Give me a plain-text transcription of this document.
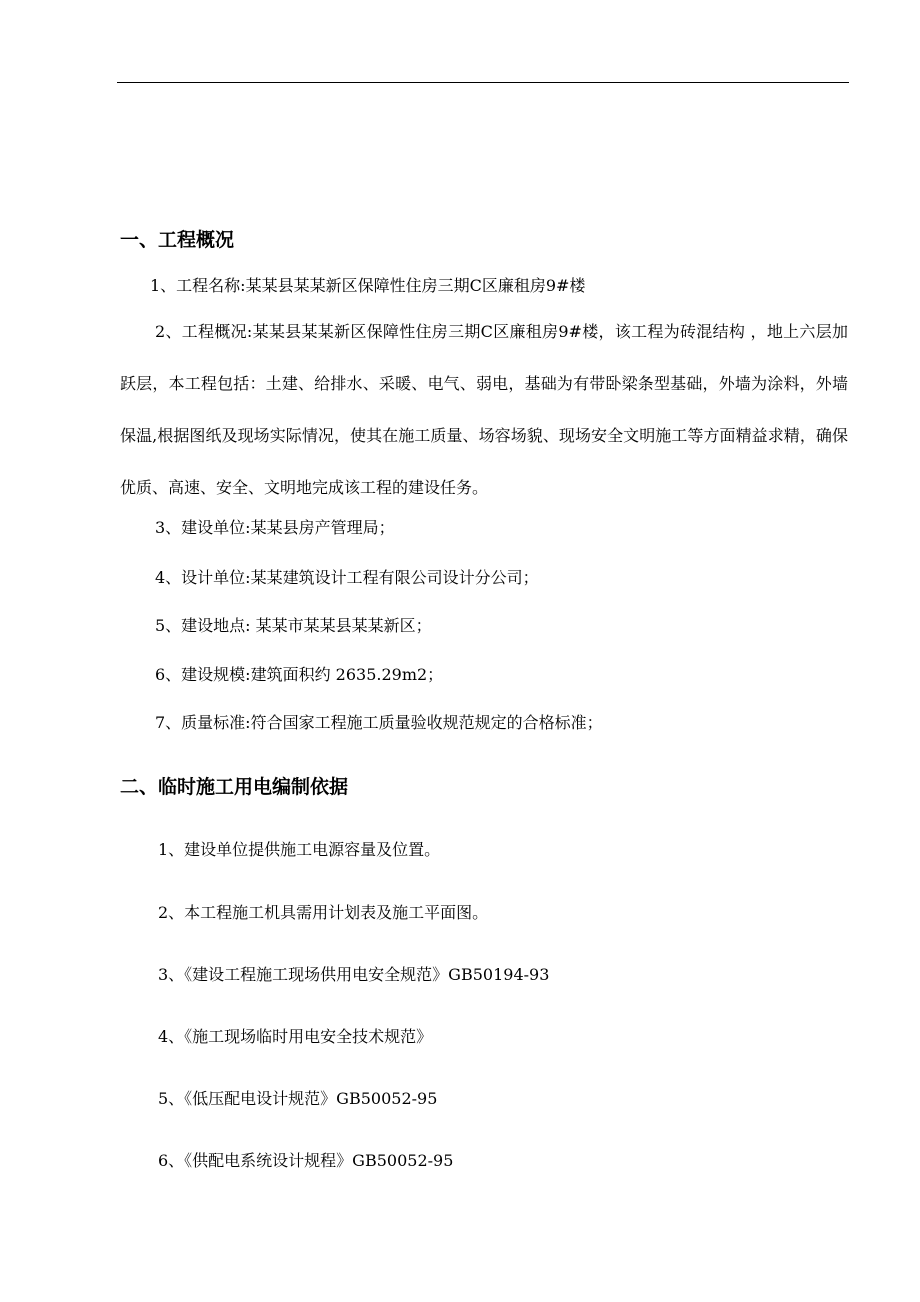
一、工程概况

1、工程名称:某某县某某新区保障性住房三期C区廉租房9#楼

2、工程概况:某某县某某新区保障性住房三期C区廉租房9#楼，该工程为砖混结构 ，地上六层加跃层，本工程包括：土建、给排水、采暖、电气、弱电，基础为有带卧梁条型基础，外墙为涂料，外墙保温,根据图纸及现场实际情况，使其在施工质量、场容场貌、现场安全文明施工等方面精益求精，确保优质、高速、安全、文明地完成该工程的建设任务。

3、建设单位:某某县房产管理局；

4、设计单位:某某建筑设计工程有限公司设计分公司；

5、建设地点: 某某市某某县某某新区；

6、建设规模:建筑面积约 2635.29m2；

7、质量标准:符合国家工程施工质量验收规范规定的合格标准；

二、临时施工用电编制依据

1、建设单位提供施工电源容量及位置。

2、本工程施工机具需用计划表及施工平面图。

3、《建设工程施工现场供用电安全规范》GB50194-93

4、《施工现场临时用电安全技术规范》

5、《低压配电设计规范》GB50052-95

6、《供配电系统设计规程》GB50052-95
